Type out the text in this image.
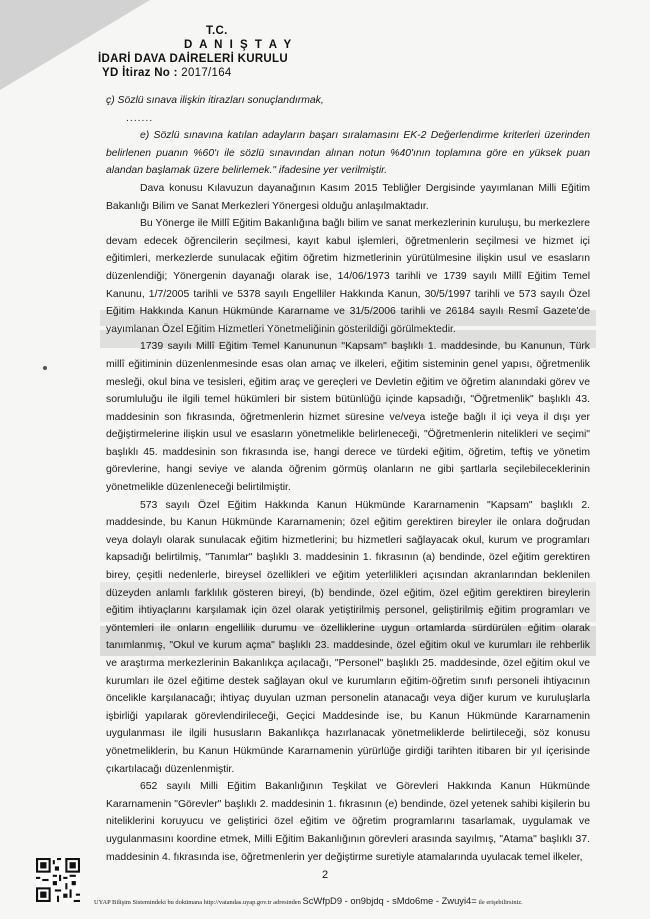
T.C.
D A N I Ş T A Y
İDARİ DAVA DAİRELERİ KURULU
YD İtiraz No : 2017/164

ç) Sözlü sınava ilişkin itirazları sonuçlandırmak,

.......

e) Sözlü sınavına katılan adayların başarı sıralamasını EK-2 Değerlendirme kriterleri üzerinden belirlenen puanın %60'ı ile sözlü sınavından alınan notun %40'ının toplamına göre en yüksek puan alandan başlamak üzere belirlemek." ifadesine yer verilmiştir.

Dava konusu Kılavuzun dayanağının Kasım 2015 Tebliğler Dergisinde yayımlanan Milli Eğitim Bakanlığı Bilim ve Sanat Merkezleri Yönergesi olduğu anlaşılmaktadır.

Bu Yönerge ile Millî Eğitim Bakanlığına bağlı bilim ve sanat merkezlerinin kuruluşu, bu merkezlere devam edecek öğrencilerin seçilmesi, kayıt kabul işlemleri, öğretmenlerin seçilmesi ve hizmet içi eğitimleri, merkezlerde sunulacak eğitim öğretim hizmetlerinin yürütülmesine ilişkin usul ve esasların düzenlendiği; Yönergenin dayanağı olarak ise, 14/06/1973 tarihli ve 1739 sayılı Millî Eğitim Temel Kanunu, 1/7/2005 tarihli ve 5378 sayılı Engelliler Hakkında Kanun, 30/5/1997 tarihli ve 573 sayılı Özel Eğitim Hakkında Kanun Hükmünde Kararname ve 31/5/2006 tarihli ve 26184 sayılı Resmî Gazete'de yayımlanan Özel Eğitim Hizmetleri Yönetmeliğinin gösterildiği görülmektedir.

1739 sayılı Millî Eğitim Temel Kanununun "Kapsam" başlıklı 1. maddesinde, bu Kanunun, Türk millî eğitiminin düzenlenmesinde esas olan amaç ve ilkeleri, eğitim sisteminin genel yapısı, öğretmenlik mesleği, okul bina ve tesisleri, eğitim araç ve gereçleri ve Devletin eğitim ve öğretim alanındaki görev ve sorumluluğu ile ilgili temel hükümleri bir sistem bütünlüğü içinde kapsadığı, "Öğretmenlik" başlıklı 43. maddesinin son fıkrasında, öğretmenlerin hizmet süresine ve/veya isteğe bağlı il içi veya il dışı yer değiştirmelerine ilişkin usul ve esasların yönetmelikle belirleneceği, "Öğretmenlerin nitelikleri ve seçimi" başlıklı 45. maddesinin son fıkrasında ise, hangi derece ve türdeki eğitim, öğretim, teftiş ve yönetim görevlerine, hangi seviye ve alanda öğrenim görmüş olanların ne gibi şartlarla seçilebileceklerinin yönetmelikle düzenleneceği belirtilmiştir.

573 sayılı Özel Eğitim Hakkında Kanun Hükmünde Kararnamenin "Kapsam" başlıklı 2. maddesinde, bu Kanun Hükmünde Kararnamenin; özel eğitim gerektiren bireyler ile onlara doğrudan veya dolaylı olarak sunulacak eğitim hizmetlerini; bu hizmetleri sağlayacak okul, kurum ve programları kapsadığı belirtilmiş, "Tanımlar" başlıklı 3. maddesinin 1. fıkrasının (a) bendinde, özel eğitim gerektiren birey, çeşitli nedenlerle, bireysel özellikleri ve eğitim yeterlilikleri açısından akranlarından beklenilen düzeyden anlamlı farklılık gösteren bireyi, (b) bendinde, özel eğitim, özel eğitim gerektiren bireylerin eğitim ihtiyaçlarını karşılamak için özel olarak yetiştirilmiş personel, geliştirilmiş eğitim programları ve yöntemleri ile onların engellilik durumu ve özelliklerine uygun ortamlarda sürdürülen eğitim olarak tanımlanmış, "Okul ve kurum açma" başlıklı 23. maddesinde, özel eğitim okul ve kurumları ile rehberlik ve araştırma merkezlerinin Bakanlıkça açılacağı, "Personel" başlıklı 25. maddesinde, özel eğitim okul ve kurumları ile özel eğitime destek sağlayan okul ve kurumların eğitim-öğretim sınıfı personeli ihtiyacının öncelikle karşılanacağı; ihtiyaç duyulan uzman personelin atanacağı veya diğer kurum ve kuruluşlarla işbirliği yapılarak görevlendirileceği, Geçici Maddesinde ise, bu Kanun Hükmünde Kararnamenin uygulanması ile ilgili hususların Bakanlıkça hazırlanacak yönetmeliklerde belirtileceği, söz konusu yönetmeliklerin, bu Kanun Hükmünde Kararnamenin yürürlüğe girdiği tarihten itibaren bir yıl içerisinde çıkartılacağı düzenlenmiştir.

652 sayılı Milli Eğitim Bakanlığının Teşkilat ve Görevleri Hakkında Kanun Hükmünde Kararnamenin "Görevler" başlıklı 2. maddesinin 1. fıkrasının (e) bendinde, özel yetenek sahibi kişilerin bu niteliklerini koruyucu ve geliştirici özel eğitim ve öğretim programlarını tasarlamak, uygulamak ve uygulanmasını koordine etmek, Milli Eğitim Bakanlığının görevleri arasında sayılmış, "Atama" başlıklı 37. maddesinin 4. fıkrasında ise, öğretmenlerin yer değiştirme suretiyle atamalarında uyulacak temel ilkeler,

2
UYAP Bilişim Sistemindeki bu dokümana http://vatandas.uyap.gov.tr adresinden ScWfpD9 - on9bjdq - sMdo6me - Zwuyi4= ile erişebilirsiniz.
